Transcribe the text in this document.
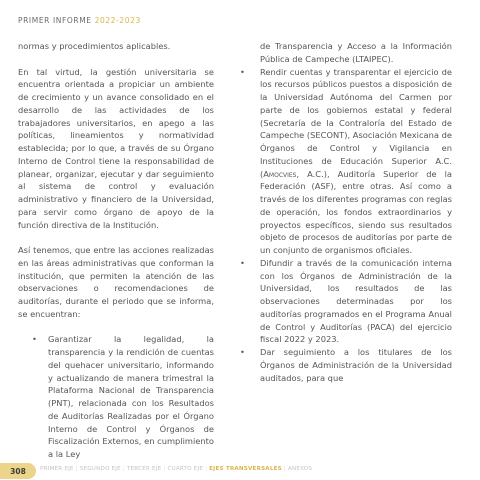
PRIMER INFORME 2022-2023

normas y procedimientos aplicables.

En tal virtud, la gestión universitaria se encuentra orientada a propiciar un ambiente de crecimiento y un avance consolidado en el desarrollo de las actividades de los trabajadores universitarios, en apego a las políticas, lineamientos y normatividad establecida; por lo que, a través de su Órgano Interno de Control tiene la responsabilidad de planear, organizar, ejecutar y dar seguimiento al sistema de control y evaluación administrativo y financiero de la Universidad, para servir como órgano de apoyo de la función directiva de la Institución.

Así tenemos, que entre las acciones realizadas en las áreas administrativas que conforman la institución, que permiten la atención de las observaciones o recomendaciones de auditorías, durante el periodo que se informa, se encuentran:

• Garantizar la legalidad, la transparencia y la rendición de cuentas del quehacer universitario, informando y actualizando de manera trimestral la Plataforma Nacional de Transparencia (PNT), relacionada con los Resultados de Auditorías Realizadas por el Órgano Interno de Control y Órganos de Fiscalización Externos, en cumplimiento a la Ley
de Transparencia y Acceso a la Información Pública de Campeche (LTAIPEC).
• Rendir cuentas y transparentar el ejercicio de los recursos públicos puestos a disposición de la Universidad Autónoma del Carmen por parte de los gobiernos estatal y federal (Secretaría de la Contraloría del Estado de Campeche (SECONT), Asociación Mexicana de Órganos de Control y Vigilancia en Instituciones de Educación Superior A.C. (Amocvies, A.C.), Auditoría Superior de la Federación (ASF), entre otras. Así como a través de los diferentes programas con reglas de operación, los fondos extraordinarios y proyectos específicos, siendo sus resultados objeto de procesos de auditorías por parte de un conjunto de organismos oficiales.
• Difundir a través de la comunicación interna con los Órganos de Administración de la Universidad, los resultados de las observaciones determinadas por los auditorías programados en el Programa Anual de Control y Auditorías (PACA) del ejercicio fiscal 2022 y 2023.
• Dar seguimiento a los titulares de los Órganos de Administración de la Universidad auditados, para que
308	PRIMER EJE | SEGUNDO EJE | TERCER EJE | CUARTO EJE | EJES TRANSVERSALES | ANEXOS
